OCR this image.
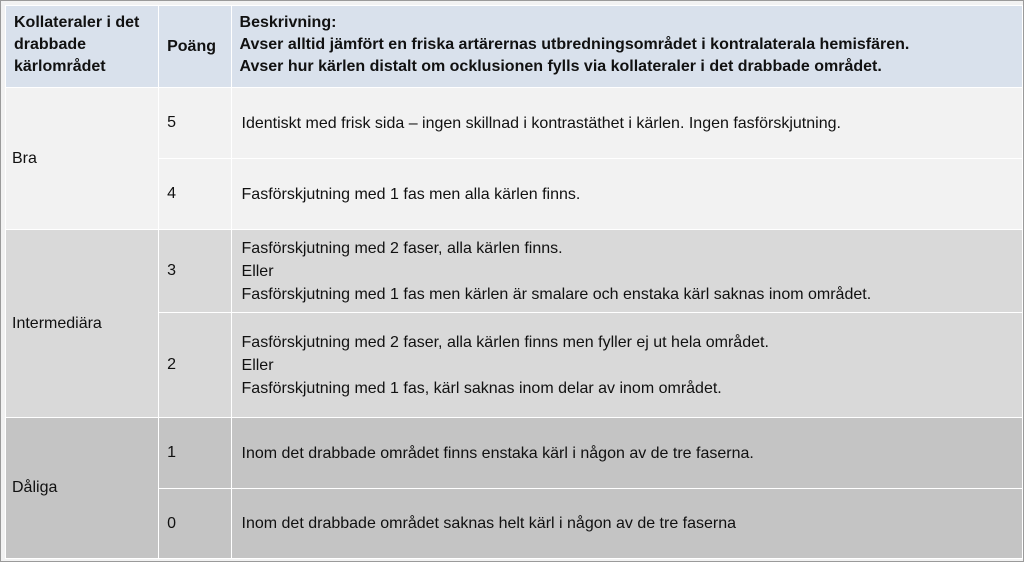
Kollateraler i det
drabbade
kärlområdet	Poäng	Beskrivning:
Avser alltid jämfört en friska artärernas utbredningsområdet i kontralaterala hemisfären.
Avser hur kärlen distalt om ocklusionen fylls via kollateraler i det drabbade området.

Bra	5	Identiskt med frisk sida – ingen skillnad i kontrastäthet i kärlen. Ingen fasförskjutning.

	4	Fasförskjutning med 1 fas men alla kärlen finns.

Intermediära	3	Fasförskjutning med 2 faser, alla kärlen finns.
Eller
Fasförskjutning med 1 fas men kärlen är smalare och enstaka kärl saknas inom området.

	2	Fasförskjutning med 2 faser, alla kärlen finns men fyller ej ut hela området.
Eller
Fasförskjutning med 1 fas, kärl saknas inom delar av inom området.

Dåliga	1	Inom det drabbade området finns enstaka kärl i någon av de tre faserna.

	0	Inom det drabbade området saknas helt kärl i någon av de tre faserna
